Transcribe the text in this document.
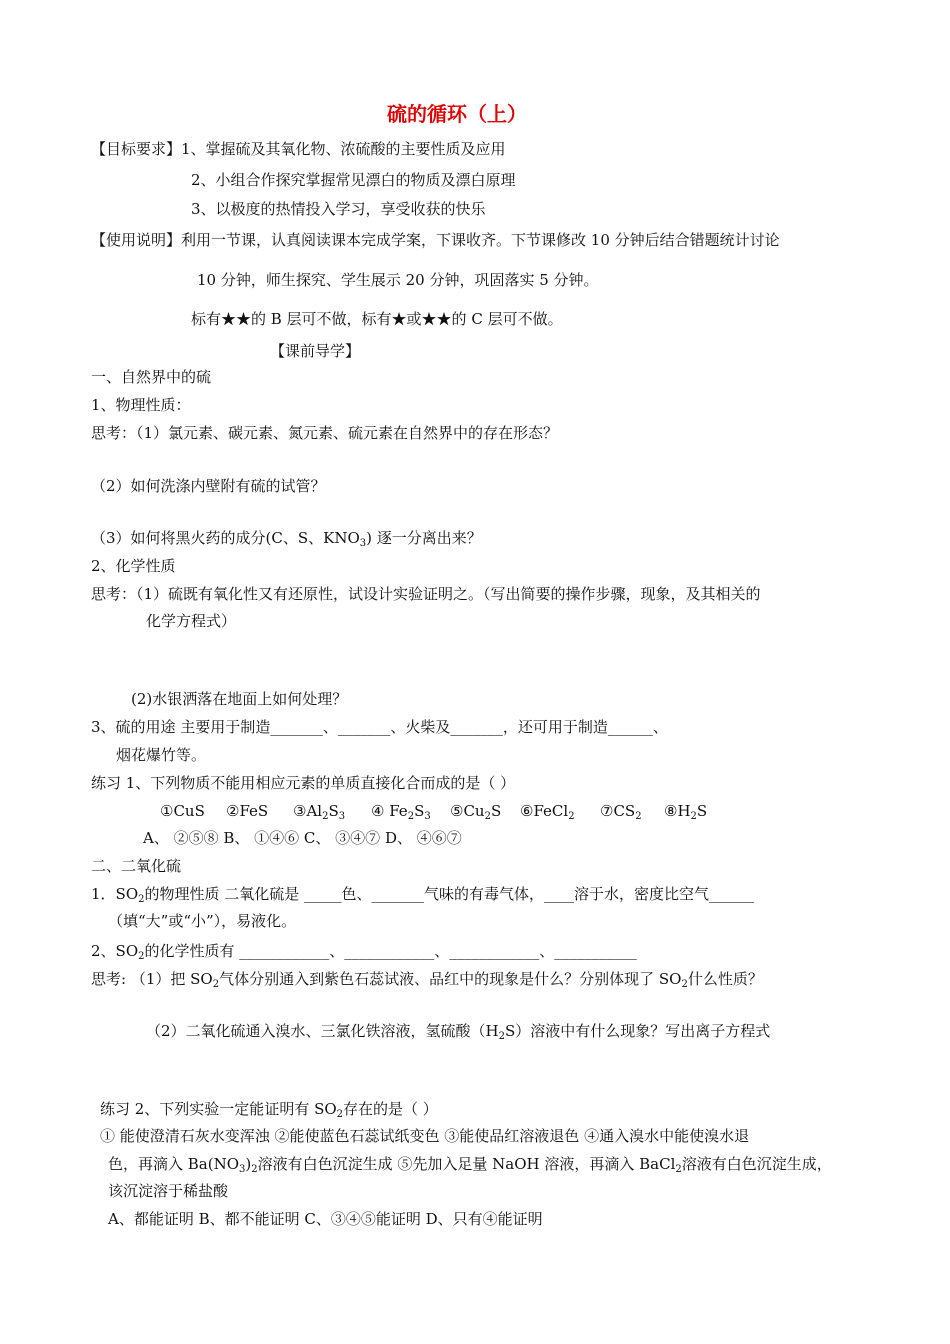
硫的循环（上）
【目标要求】1、掌握硫及其氧化物、浓硫酸的主要性质及应用
2、小组合作探究掌握常见漂白的物质及漂白原理
3、以极度的热情投入学习，享受收获的快乐
【使用说明】利用一节课，认真阅读课本完成学案，下课收齐。下节课修改 10 分钟后结合错题统计讨论
10 分钟，师生探究、学生展示 20 分钟，巩固落实 5 分钟。
标有★★的 B 层可不做，标有★或★★的 C 层可不做。
【课前导学】
一、自然界中的硫
1、物理性质：
思考：（1）氯元素、碳元素、氮元素、硫元素在自然界中的存在形态？
（2）如何洗涤内壁附有硫的试管？
（3）如何将黑火药的成分(C、S、$KNO_3$) 逐一分离出来？
2、化学性质
思考：（1）硫既有氧化性又有还原性，试设计实验证明之。（写出简要的操作步骤，现象，及其相关的
化学方程式）
(2)水银洒落在地面上如何处理？
3、硫的用途 主要用于制造_______、_______、火柴及_______，还可用于制造______、
烟花爆竹等。
练习 1、下列物质不能用相应元素的单质直接化合而成的是（ ）
①CuS ②FeS $③Al_2S_3$ ④ $Fe_2S_3$ $⑤Cu_2S$ ⑥FeCl$_2$ $⑦CS_2$ $⑧H_2S$
A、 ②⑤⑧ B、 ①④⑥ C、 ③④⑦ D、 ④⑥⑦
二、二氧化硫
1．$SO_2$的物理性质 二氧化硫是 _____色、_______气味的有毒气体，____溶于水，密度比空气______
（填“大”或“小”），易液化。
2、$SO_2$的化学性质有 ____________、____________、____________、___________
思考: （1）把 $SO_2$气体分别通入到紫色石蕊试液、品红中的现象是什么？分别体现了 $SO_2$什么性质？
（2）二氧化硫通入溴水、三氯化铁溶液，氢硫酸$(H_2S)$溶液中有什么现象？写出离子方程式
练习 2、下列实验一定能证明有 $SO_2$存在的是（ ）
① 能使澄清石灰水变浑浊 ②能使蓝色石蕊试纸变色 ③能使品红溶液退色 ④通入溴水中能使溴水退
色，再滴入 $Ba(NO_3)_2$溶液有白色沉淀生成 ⑤先加入足量 NaOH 溶液，再滴入 BaCl$_2$溶液有白色沉淀生成，
该沉淀溶于稀盐酸
A、都能证明 B、都不能证明 C、③④⑤能证明 D、只有④能证明
